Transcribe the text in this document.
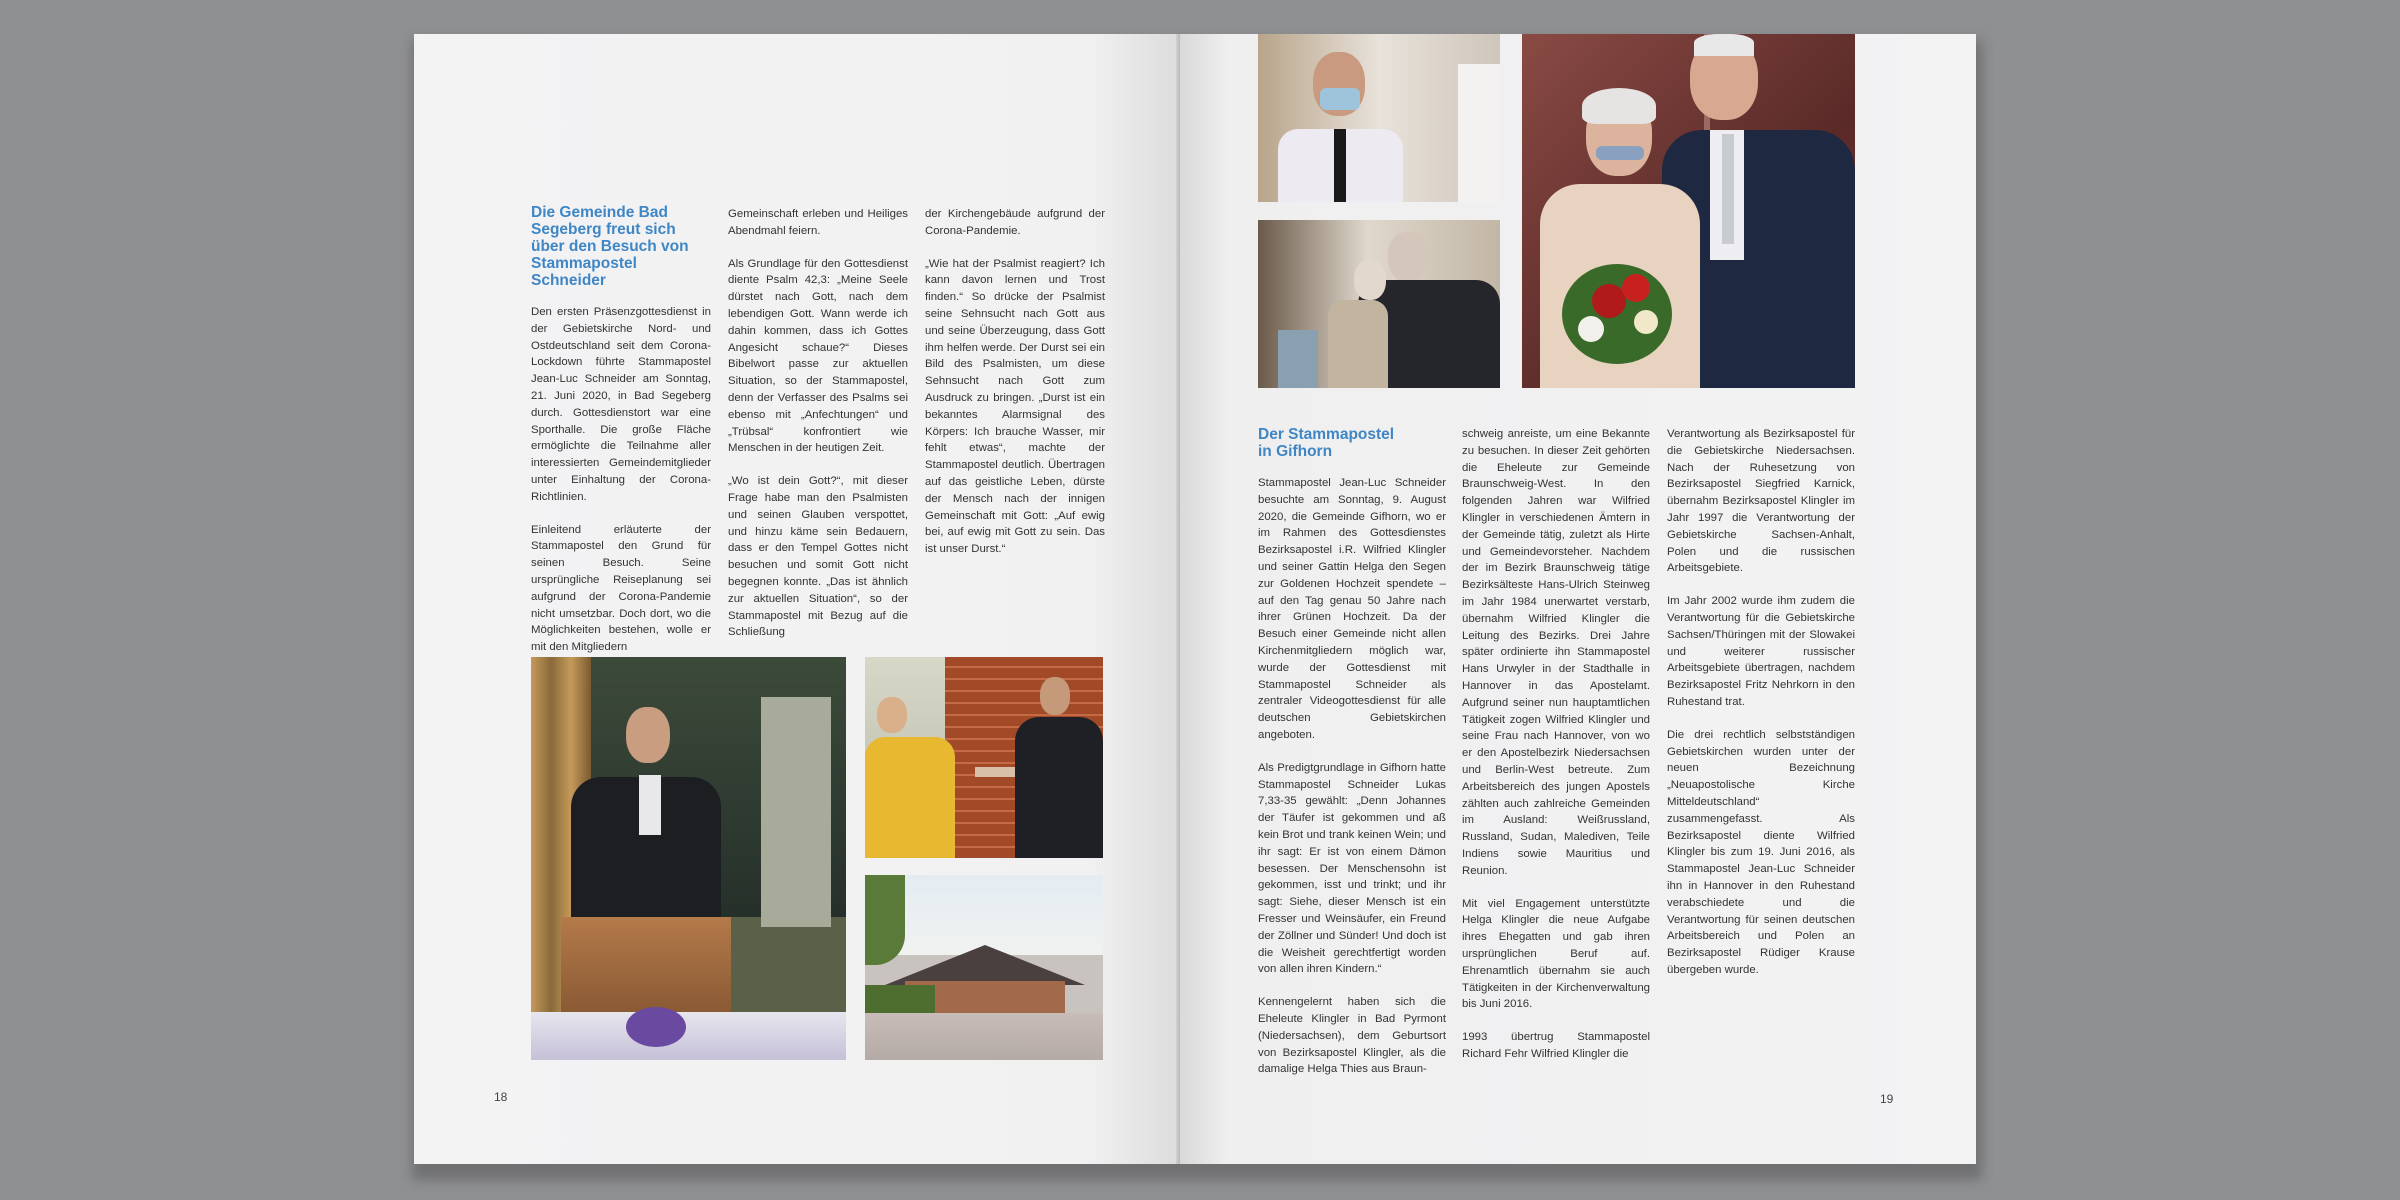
Die Gemeinde Bad Segeberg freut sich über den Besuch von Stammapostel Schneider

Den ersten Präsenzgottesdienst in der Gebietskirche Nord- und Ostdeutschland seit dem Corona-Lockdown führte Stammapostel Jean-Luc Schneider am Sonntag, 21. Juni 2020, in Bad Segeberg durch. Gottesdienstort war eine Sporthalle. Die große Fläche ermöglichte die Teilnahme aller interessierten Gemeindemitglieder unter Einhaltung der Corona-Richtlinien.

Einleitend erläuterte der Stammapostel den Grund für seinen Besuch. Seine ursprüngliche Reiseplanung sei aufgrund der Corona-Pandemie nicht umsetzbar. Doch dort, wo die Möglichkeiten bestehen, wolle er mit den Mitgliedern

Gemeinschaft erleben und Heiliges Abendmahl feiern.

Als Grundlage für den Gottesdienst diente Psalm 42,3: „Meine Seele dürstet nach Gott, nach dem lebendigen Gott. Wann werde ich dahin kommen, dass ich Gottes Angesicht schaue?“ Dieses Bibelwort passe zur aktuellen Situation, so der Stammapostel, denn der Verfasser des Psalms sei ebenso mit „Anfechtungen“ und „Trübsal“ konfrontiert wie Menschen in der heutigen Zeit.

„Wo ist dein Gott?“, mit dieser Frage habe man den Psalmisten und seinen Glauben verspottet, und hinzu käme sein Bedauern, dass er den Tempel Gottes nicht besuchen und somit Gott nicht begegnen konnte. „Das ist ähnlich zur aktuellen Situation“, so der Stammapostel mit Bezug auf die Schließung

der Kirchengebäude aufgrund der Corona-Pandemie.

„Wie hat der Psalmist reagiert? Ich kann davon lernen und Trost finden.“ So drücke der Psalmist seine Sehnsucht nach Gott aus und seine Überzeugung, dass Gott ihm helfen werde. Der Durst sei ein Bild des Psalmisten, um diese Sehnsucht nach Gott zum Ausdruck zu bringen. „Durst ist ein bekanntes Alarmsignal des Körpers: Ich brauche Wasser, mir fehlt etwas“, machte der Stammapostel deutlich. Übertragen auf das geistliche Leben, dürste der Mensch nach der innigen Gemeinschaft mit Gott: „Auf ewig bei, auf ewig mit Gott zu sein. Das ist unser Durst.“

18
Der Stammapostel in Gifhorn

Stammapostel Jean-Luc Schneider besuchte am Sonntag, 9. August 2020, die Gemeinde Gifhorn, wo er im Rahmen des Gottesdienstes Bezirksapostel i.R. Wilfried Klingler und seiner Gattin Helga den Segen zur Goldenen Hochzeit spendete – auf den Tag genau 50 Jahre nach ihrer Grünen Hochzeit. Da der Besuch einer Gemeinde nicht allen Kirchenmitgliedern möglich war, wurde der Gottesdienst mit Stammapostel Schneider als zentraler Videogottesdienst für alle deutschen Gebietskirchen angeboten.

Als Predigtgrundlage in Gifhorn hatte Stammapostel Schneider Lukas 7,33-35 gewählt: „Denn Johannes der Täufer ist gekommen und aß kein Brot und trank keinen Wein; und ihr sagt: Er ist von einem Dämon besessen. Der Menschensohn ist gekommen, isst und trinkt; und ihr sagt: Siehe, dieser Mensch ist ein Fresser und Weinsäufer, ein Freund der Zöllner und Sünder! Und doch ist die Weisheit gerechtfertigt worden von allen ihren Kindern.“

Kennengelernt haben sich die Eheleute Klingler in Bad Pyrmont (Niedersachsen), dem Geburtsort von Bezirksapostel Klingler, als die damalige Helga Thies aus Braun-

schweig anreiste, um eine Bekannte zu besuchen. In dieser Zeit gehörten die Eheleute zur Gemeinde Braunschweig-West. In den folgenden Jahren war Wilfried Klingler in verschiedenen Ämtern in der Gemeinde tätig, zuletzt als Hirte und Gemeindevorsteher. Nachdem der im Bezirk Braunschweig tätige Bezirksälteste Hans-Ulrich Steinweg im Jahr 1984 unerwartet verstarb, übernahm Wilfried Klingler die Leitung des Bezirks. Drei Jahre später ordinierte ihn Stammapostel Hans Urwyler in der Stadthalle in Hannover in das Apostelamt. Aufgrund seiner nun hauptamtlichen Tätigkeit zogen Wilfried Klingler und seine Frau nach Hannover, von wo er den Apostelbezirk Niedersachsen und Berlin-West betreute. Zum Arbeitsbereich des jungen Apostels zählten auch zahlreiche Gemeinden im Ausland: Weißrussland, Russland, Sudan, Malediven, Teile Indiens sowie Mauritius und Reunion.

Mit viel Engagement unterstützte Helga Klingler die neue Aufgabe ihres Ehegatten und gab ihren ursprünglichen Beruf auf. Ehrenamtlich übernahm sie auch Tätigkeiten in der Kirchenverwaltung bis Juni 2016.

1993 übertrug Stammapostel Richard Fehr Wilfried Klingler die

Verantwortung als Bezirksapostel für die Gebietskirche Niedersachsen. Nach der Ruhesetzung von Bezirksapostel Siegfried Karnick, übernahm Bezirksapostel Klingler im Jahr 1997 die Verantwortung der Gebietskirche Sachsen-Anhalt, Polen und die russischen Arbeitsgebiete.

Im Jahr 2002 wurde ihm zudem die Verantwortung für die Gebietskirche Sachsen/Thüringen mit der Slowakei und weiterer russischer Arbeitsgebiete übertragen, nachdem Bezirksapostel Fritz Nehrkorn in den Ruhestand trat.

Die drei rechtlich selbstständigen Gebietskirchen wurden unter der neuen Bezeichnung „Neuapostolische Kirche Mitteldeutschland“ zusammengefasst. Als Bezirksapostel diente Wilfried Klingler bis zum 19. Juni 2016, als Stammapostel Jean-Luc Schneider ihn in Hannover in den Ruhestand verabschiedete und die Verantwortung für seinen deutschen Arbeitsbereich und Polen an Bezirksapostel Rüdiger Krause übergeben wurde.

19
